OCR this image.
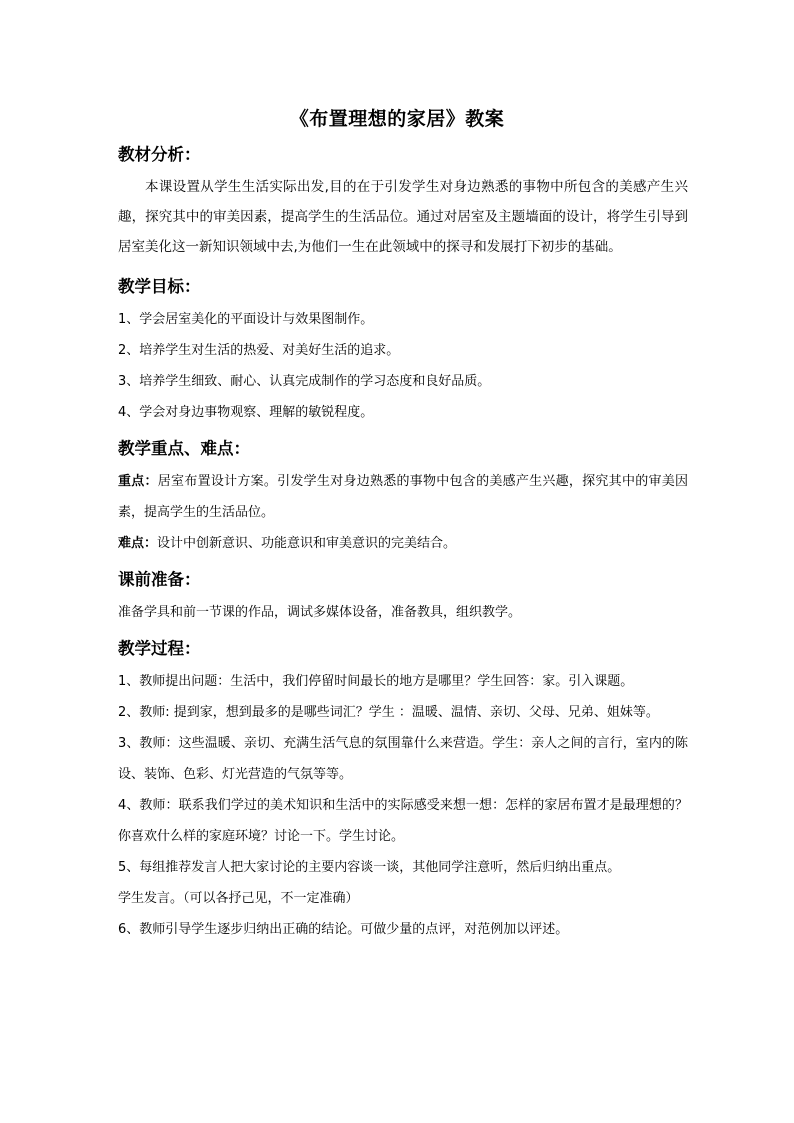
《布置理想的家居》教案

教材分析：

本课设置从学生生活实际出发,目的在于引发学生对身边熟悉的事物中所包含的美感产生兴趣，探究其中的审美因素，提高学生的生活品位。通过对居室及主题墙面的设计，将学生引导到居室美化这一新知识领域中去,为他们一生在此领域中的探寻和发展打下初步的基础。

教学目标：

1、学会居室美化的平面设计与效果图制作。

2、培养学生对生活的热爱、对美好生活的追求。

3、培养学生细致、耐心、认真完成制作的学习态度和良好品质。

4、学会对身边事物观察、理解的敏锐程度。

教学重点、难点：

重点：居室布置设计方案。引发学生对身边熟悉的事物中包含的美感产生兴趣，探究其中的审美因素，提高学生的生活品位。

难点：设计中创新意识、功能意识和审美意识的完美结合。

课前准备：

准备学具和前一节课的作品，调试多媒体设备，准备教具，组织教学。

教学过程：

1、教师提出问题：生活中，我们停留时间最长的地方是哪里？学生回答：家。引入课题。

2、教师: 提到家，想到最多的是哪些词汇？学生 ：温暖、温情、亲切、父母、兄弟、姐妹等。

3、教师：这些温暖、亲切、充满生活气息的氛围靠什么来营造。学生：亲人之间的言行，室内的陈设、装饰、色彩、灯光营造的气氛等等。

4、教师：联系我们学过的美术知识和生活中的实际感受来想一想：怎样的家居布置才是最理想的？你喜欢什么样的家庭环境？讨论一下。学生讨论。

5、每组推荐发言人把大家讨论的主要内容谈一谈，其他同学注意听，然后归纳出重点。

学生发言。（可以各抒己见，不一定准确）

6、教师引导学生逐步归纳出正确的结论。可做少量的点评，对范例加以评述。
